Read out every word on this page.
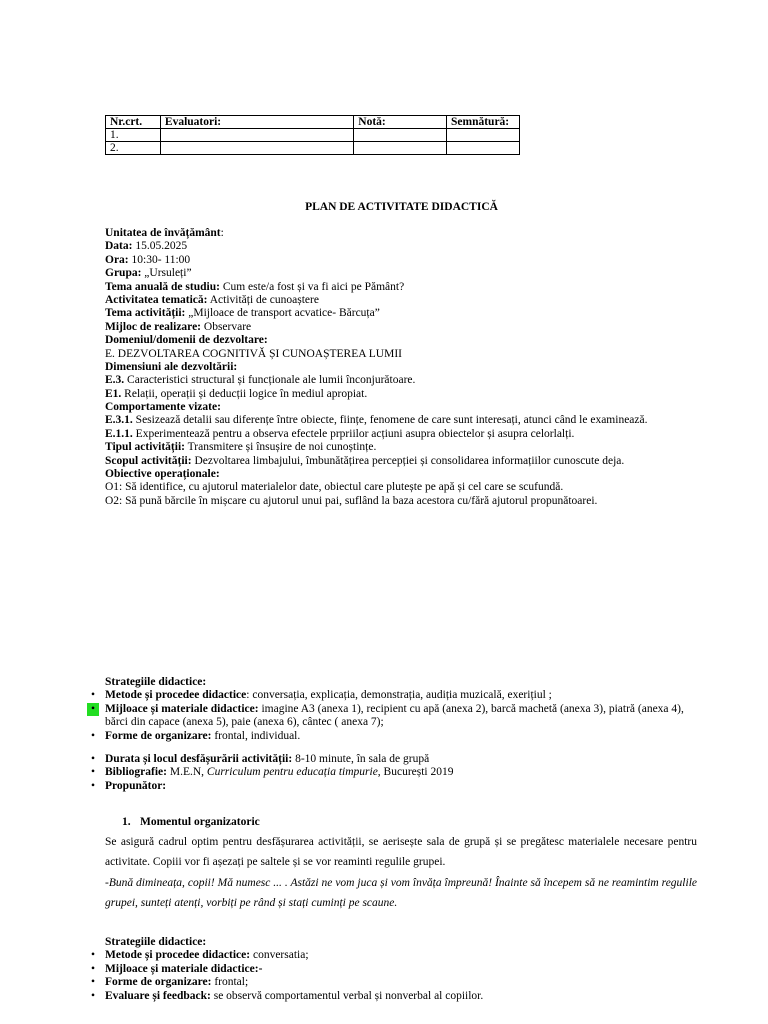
Nr.crt.	Evaluatori:	Notă:	Semnătură:
1.			
2.			
PLAN DE ACTIVITATE DIDACTICĂ
Unitatea de învățământ:
Data: 15.05.2025
Ora: 10:30- 11:00
Grupa: „Ursuleți”
Tema anuală de studiu: Cum este/a fost și va fi aici pe Pământ?
Activitatea tematică: Activități de cunoaștere
Tema activității: „Mijloace de transport acvatice- Bărcuța”
Mijloc de realizare: Observare
Domeniul/domenii de dezvoltare:
E. DEZVOLTAREA COGNITIVĂ ȘI CUNOAȘTEREA LUMII
Dimensiuni ale dezvoltării:
E.3. Caracteristici structural și funcționale ale lumii înconjurătoare.
E1. Relații, operații și deducții logice în mediul apropiat.
Comportamente vizate:
E.3.1. Sesizează detalii sau diferențe între obiecte, ființe, fenomene de care sunt interesați, atunci când le examinează.
E.1.1. Experimentează pentru a observa efectele prpriilor acțiuni asupra obiectelor și asupra celorlalți.
Tipul activității: Transmitere și însușire de noi cunoștințe.
Scopul activității: Dezvoltarea limbajului, îmbunătățirea percepției și consolidarea informațiilor cunoscute deja.
Obiective operaționale:
O1: Să identifice, cu ajutorul materialelor date, obiectul care plutește pe apă și cel care se scufundă.
O2: Să pună bărcile în mișcare cu ajutorul unui pai, suflând la baza acestora cu/fără ajutorul propunătoarei.
Strategiile didactice:
• Metode și procedee didactice: conversația, explicația, demonstrația, audiția muzicală, exerițiul ;
• Mijloace și materiale didactice: imagine A3 (anexa 1), recipient cu apă (anexa 2), barcă machetă (anexa 3), piatră (anexa 4), bărci din capace (anexa 5), paie (anexa 6), cântec ( anexa 7);
• Forme de organizare: frontal, individual.
• Durata și locul desfășurării activității: 8-10 minute, în sala de grupă
• Bibliografie: M.E.N, Curriculum pentru educația timpurie, București 2019
• Propunător:
1. Momentul organizatoric
Se asigură cadrul optim pentru desfășurarea activității, se aerisește sala de grupă și se pregătesc materialele necesare pentru activitate. Copiii vor fi așezați pe saltele și se vor reaminti regulile grupei.
-Bună dimineața, copii! Mă numesc ... . Astăzi ne vom juca și vom învăța împreună! Înainte să începem să ne reamintim regulile grupei, sunteți atenți, vorbiți pe rând și stați cuminți pe scaune.
Strategiile didactice:
• Metode și procedee didactice: conversatia;
• Mijloace și materiale didactice:-
• Forme de organizare: frontal;
• Evaluare și feedback: se observă comportamentul verbal și nonverbal al copiilor.
